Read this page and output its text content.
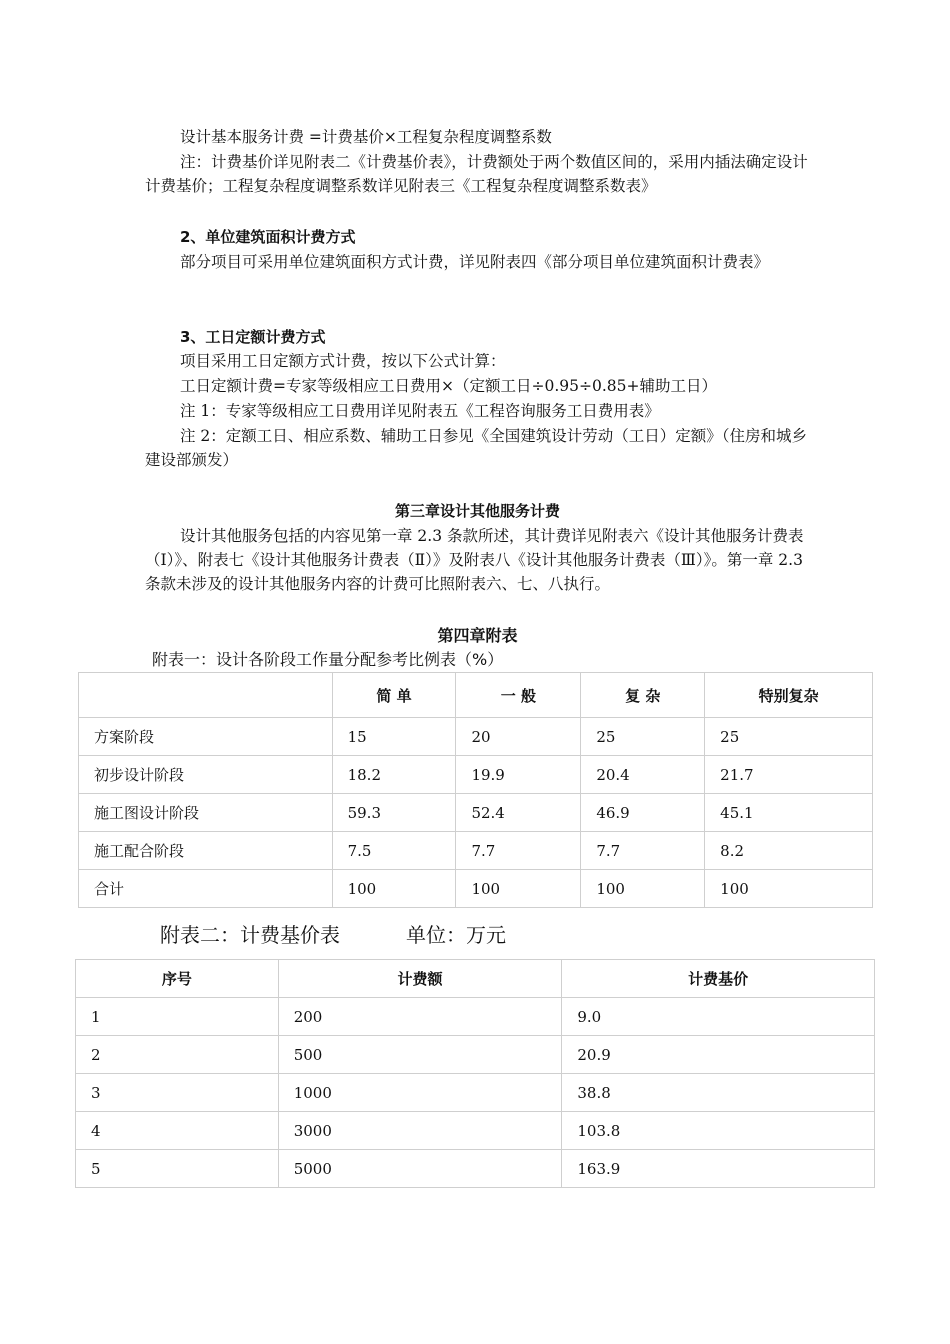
设计基本服务计费 =计费基价×工程复杂程度调整系数

注：计费基价详见附表二《计费基价表》，计费额处于两个数值区间的，采用内插法确定设计计费基价；工程复杂程度调整系数详见附表三《工程复杂程度调整系数表》

2、单位建筑面积计费方式

部分项目可采用单位建筑面积方式计费，详见附表四《部分项目单位建筑面积计费表》

3、工日定额计费方式

项目采用工日定额方式计费，按以下公式计算：

工日定额计费=专家等级相应工日费用×（定额工日÷0.95÷0.85+辅助工日）

注 1：专家等级相应工日费用详见附表五《工程咨询服务工日费用表》

注 2：定额工日、相应系数、辅助工日参见《全国建筑设计劳动（工日）定额》（住房和城乡建设部颁发）

第三章设计其他服务计费

设计其他服务包括的内容见第一章 2.3 条款所述，其计费详见附表六《设计其他服务计费表（Ⅰ）》、附表七《设计其他服务计费表（Ⅱ）》及附表八《设计其他服务计费表（Ⅲ）》。第一章 2.3 条款未涉及的设计其他服务内容的计费可比照附表六、七、八执行。

第四章附表

附表一：设计各阶段工作量分配参考比例表（%）

	简 单	一 般	复 杂	特别复杂
方案阶段	15	20	25	25
初步设计阶段	18.2	19.9	20.4	21.7
施工图设计阶段	59.3	52.4	46.9	45.1
施工配合阶段	7.5	7.7	7.7	8.2
合计	100	100	100	100

附表二：计费基价表	单位：万元

序号	计费额	计费基价
1	200	9.0
2	500	20.9
3	1000	38.8
4	3000	103.8
5	5000	163.9
